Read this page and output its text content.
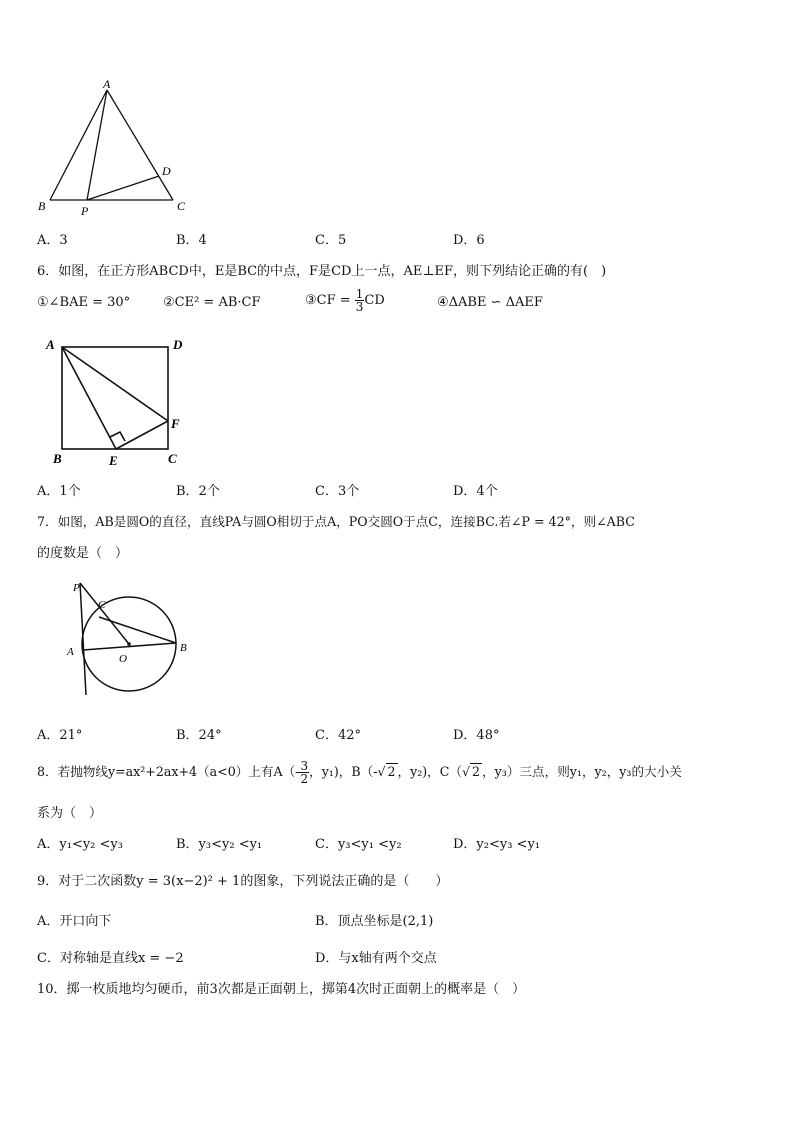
A
B	P	C
D
A．3	B．4	C．5	D．6
6．如图，在正方形ABCD中，E是BC的中点，F是CD上一点，AE⊥EF，则下列结论正确的有(　)
①∠BAE = 30°	②CE² = AB·CF	③CF = $\frac{1}{3}$ CD	④ΔABE ∽ ΔAEF
A	D
F
B	E	C
A．1个	B．2个	C．3个	D．4个
7．如图，AB是圆O的直径，直线PA与圆O相切于点A，PO交圆O于点C，连接BC.若∠P = 42°，则∠ABC
的度数是（　）
P
C
A
O
B
A．21°	B．24°	C．42°	D．48°
8．若抛物线y=ax²+2ax+4（a<0）上有$A(- \frac{3}{2}$ ，y₁)，B（-√ 2 ，y₂)，C（√ 2 ，y₃）三点，则y₁，y₂，y₃的大小关
系为（　）
A．y₁<y₂ <y₃	B．y₃<y₂ <y₁	C．y₃<y₁ <y₂	D．y₂<y₃ <y₁
9．对于二次函数y = 3(x−2)² + 1的图象，下列说法正确的是（　　）
A．开口向下	B．顶点坐标是(2,1)
C．对称轴是直线x = −2	D．与x轴有两个交点
10．掷一枚质地均匀硬币，前3次都是正面朝上，掷第4次时正面朝上的概率是（　）
